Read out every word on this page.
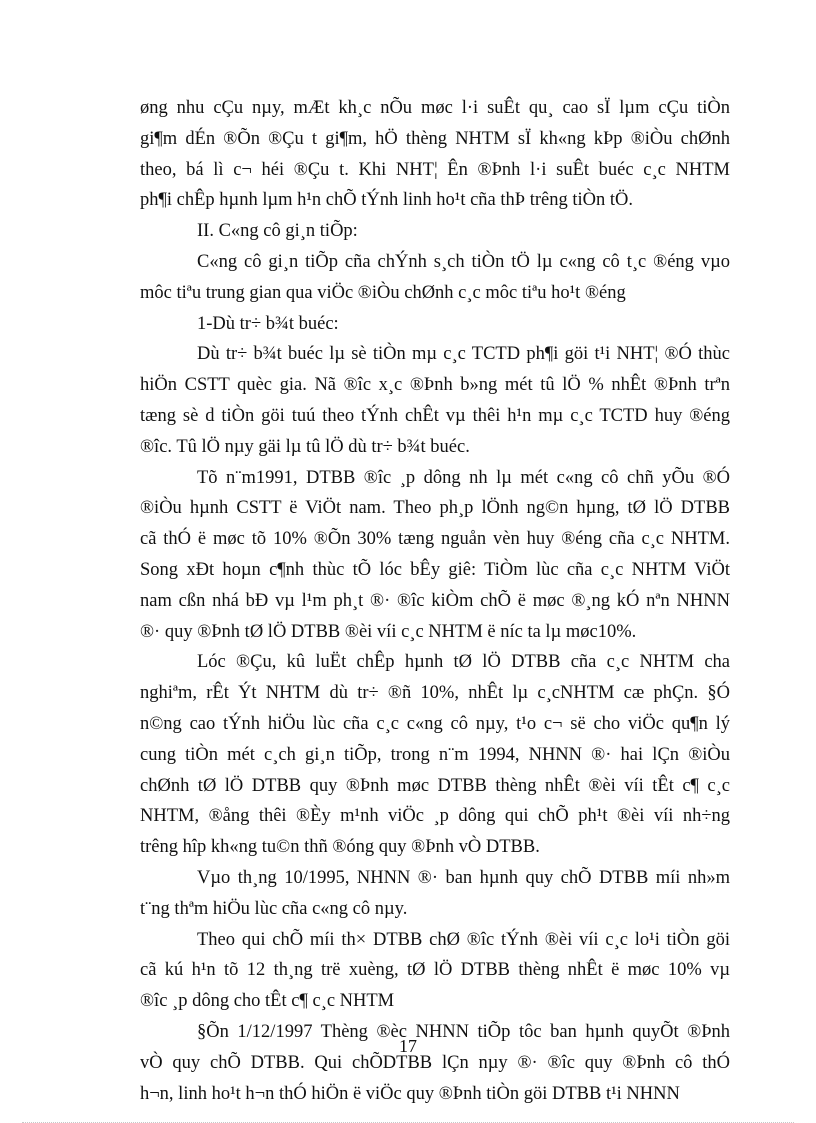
øng nhu cÇu nµy, mÆt kh¸c nÕu møc l·i suÊt qu¸ cao sÏ lµm cÇu tiÒn
gi¶m dÉn ®Õn ®Çu t gi¶m, hÖ thèng NHTM sÏ kh«ng kÞp ®iÒu chØnh
theo, bá lì c¬ héi ®Çu t. Khi NHT¦ Ên ®Þnh l·i suÊt buéc c¸c NHTM
ph¶i chÊp hµnh lµm h¹n chÕ tÝnh linh ho¹t cña thÞ trêng tiÒn tÖ.

II. C«ng cô gi¸n tiÕp:

C«ng cô gi¸n tiÕp cña chÝnh s¸ch tiÒn tÖ lµ c«ng cô t¸c ®éng vµo
môc tiªu trung gian qua viÖc ®iÒu chØnh c¸c môc tiªu ho¹t ®éng

1-Dù tr÷ b¾t buéc:

Dù tr÷ b¾t buéc lµ sè tiÒn mµ c¸c TCTD ph¶i göi t¹i NHT¦ ®Ó thùc
hiÖn CSTT quèc gia. Nã ®îc x¸c ®Þnh b»ng mét tû lÖ % nhÊt ®Þnh trªn
tæng sè d tiÒn göi tuú theo tÝnh chÊt vµ thêi h¹n mµ c¸c TCTD huy ®éng
®îc. Tû lÖ nµy gäi lµ tû lÖ dù tr÷ b¾t buéc.

Tõ n¨m1991, DTBB ®îc ¸p dông nh lµ mét c«ng cô chñ yÕu ®Ó
®iÒu hµnh CSTT ë ViÖt nam. Theo ph¸p lÖnh ng©n hµng, tØ lÖ DTBB
cã thÓ ë møc tõ 10% ®Õn 30% tæng nguån vèn huy ®éng cña c¸c NHTM.
Song xÐt hoµn c¶nh thùc tÕ lóc bÊy giê: TiÒm lùc cña c¸c NHTM ViÖt
nam cßn nhá bÐ vµ l¹m ph¸t ®· ®îc kiÒm chÕ ë møc ®¸ng kÓ nªn NHNN
®· quy ®Þnh tØ lÖ DTBB ®èi víi c¸c NHTM ë níc ta lµ møc10%.

Lóc ®Çu, kû luËt chÊp hµnh tØ lÖ DTBB cña c¸c NHTM cha
nghiªm, rÊt Ýt NHTM dù tr÷ ®ñ 10%, nhÊt lµ c¸cNHTM cæ phÇn. §Ó
n©ng cao tÝnh hiÖu lùc cña c¸c c«ng cô nµy, t¹o c¬ së cho viÖc qu¶n lý
cung tiÒn mét c¸ch gi¸n tiÕp, trong n¨m 1994, NHNN ®· hai lÇn ®iÒu
chØnh tØ lÖ DTBB quy ®Þnh møc DTBB thèng nhÊt ®èi víi tÊt c¶ c¸c
NHTM, ®ång thêi ®Èy m¹nh viÖc ¸p dông qui chÕ ph¹t ®èi víi nh÷ng
trêng hîp kh«ng tu©n thñ ®óng quy ®Þnh vÒ DTBB.

Vµo th¸ng 10/1995, NHNN ®· ban hµnh quy chÕ DTBB míi nh»m
t¨ng thªm hiÖu lùc cña c«ng cô nµy.

Theo qui chÕ míi th× DTBB chØ ®îc tÝnh ®èi víi c¸c lo¹i tiÒn göi
cã kú h¹n tõ 12 th¸ng trë xuèng, tØ lÖ DTBB thèng nhÊt ë møc 10% vµ
®îc ¸p dông cho tÊt c¶ c¸c NHTM

§Õn 1/12/1997 Thèng ®èc NHNN tiÕp tôc ban hµnh quyÕt ®Þnh
vÒ quy chÕ DTBB. Qui chÕDTBB lÇn nµy ®· ®îc quy ®Þnh cô thÓ
h¬n, linh ho¹t h¬n thÓ hiÖn ë viÖc quy ®Þnh tiÒn göi DTBB t¹i NHNN

17
